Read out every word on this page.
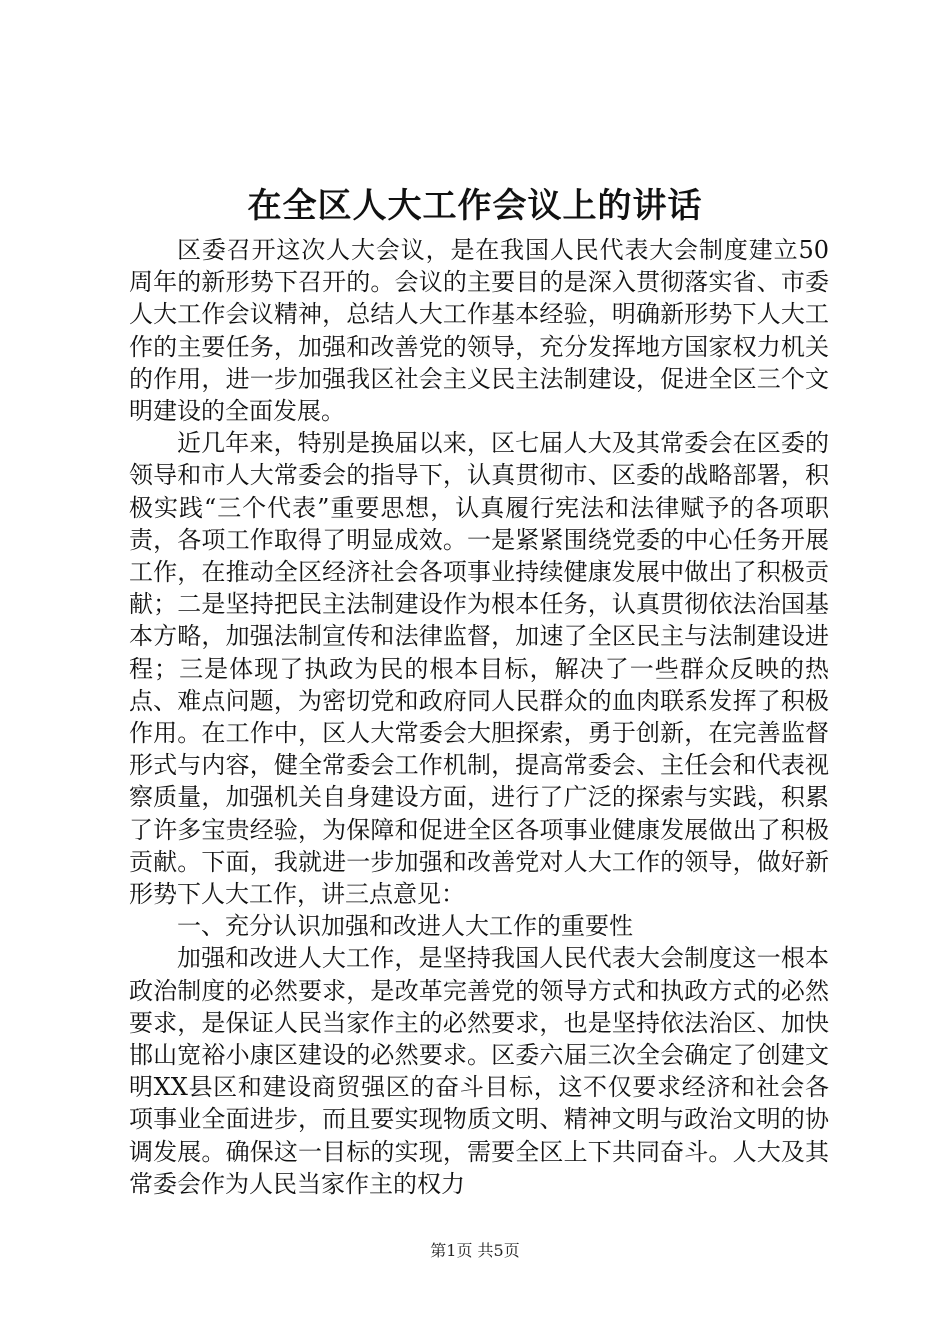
在全区人大工作会议上的讲话

区委召开这次人大会议，是在我国人民代表大会制度建立50周年的新形势下召开的。会议的主要目的是深入贯彻落实省、市委人大工作会议精神，总结人大工作基本经验，明确新形势下人大工作的主要任务，加强和改善党的领导，充分发挥地方国家权力机关的作用，进一步加强我区社会主义民主法制建设，促进全区三个文明建设的全面发展。

近几年来，特别是换届以来，区七届人大及其常委会在区委的领导和市人大常委会的指导下，认真贯彻市、区委的战略部署，积极实践“三个代表”重要思想，认真履行宪法和法律赋予的各项职责，各项工作取得了明显成效。一是紧紧围绕党委的中心任务开展工作，在推动全区经济社会各项事业持续健康发展中做出了积极贡献；二是坚持把民主法制建设作为根本任务，认真贯彻依法治国基本方略，加强法制宣传和法律监督，加速了全区民主与法制建设进程；三是体现了执政为民的根本目标，解决了一些群众反映的热点、难点问题，为密切党和政府同人民群众的血肉联系发挥了积极作用。在工作中，区人大常委会大胆探索，勇于创新，在完善监督形式与内容，健全常委会工作机制，提高常委会、主任会和代表视察质量，加强机关自身建设方面，进行了广泛的探索与实践，积累了许多宝贵经验，为保障和促进全区各项事业健康发展做出了积极贡献。下面，我就进一步加强和改善党对人大工作的领导，做好新形势下人大工作，讲三点意见：

一、充分认识加强和改进人大工作的重要性

加强和改进人大工作，是坚持我国人民代表大会制度这一根本政治制度的必然要求，是改革完善党的领导方式和执政方式的必然要求，是保证人民当家作主的必然要求，也是坚持依法治区、加快邯山宽裕小康区建设的必然要求。区委六届三次全会确定了创建文明XX县区和建设商贸强区的奋斗目标，这不仅要求经济和社会各项事业全面进步，而且要实现物质文明、精神文明与政治文明的协调发展。确保这一目标的实现，需要全区上下共同奋斗。人大及其常委会作为人民当家作主的权力

第1页 共5页
